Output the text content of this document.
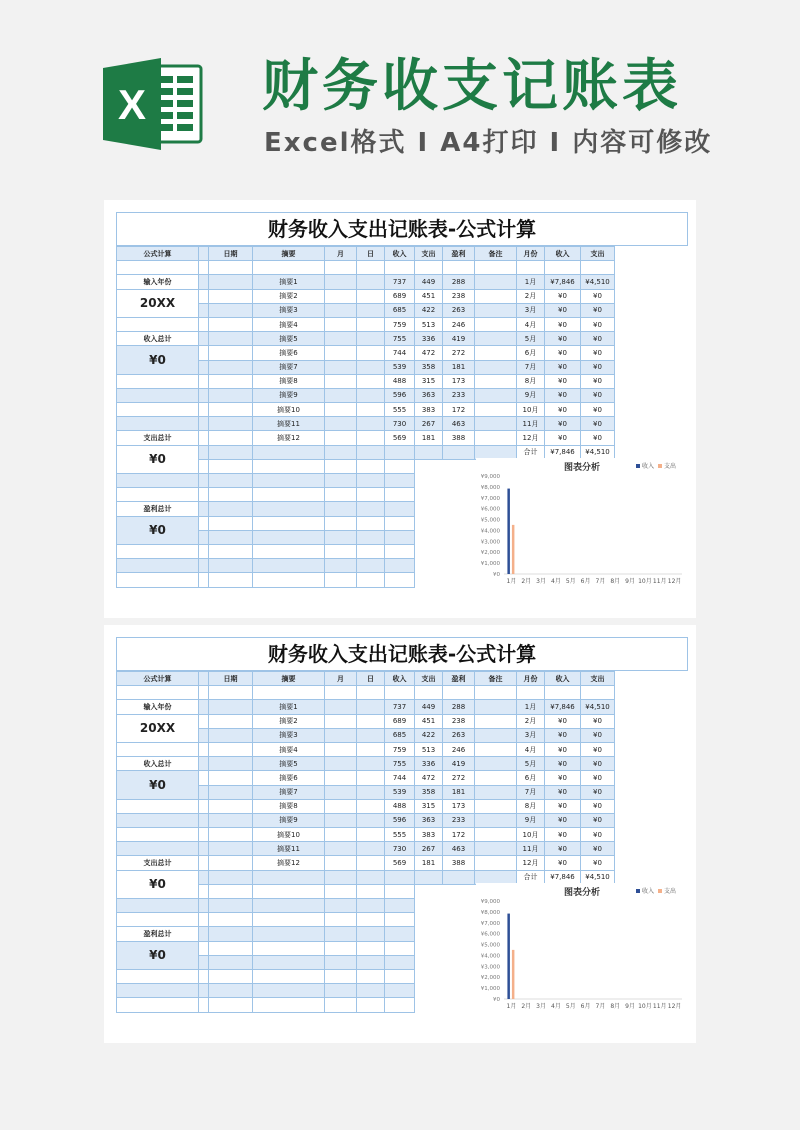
X 财务收支记账表
Excel格式 I A4打印 I 内容可修改
财务收入支出记账表-公式计算
公式计算		日期	摘要	月	日	收入	支出	盈利	备注	月份	收入	支出

输入年份			摘要1			737	449	288		1月	¥7,846	¥4,510
20XX			摘要2			689	451	238		2月	¥0	¥0
			摘要3			685	422	263		3月	¥0	¥0
			摘要4			759	513	246		4月	¥0	¥0
收入总计			摘要5			755	336	419		5月	¥0	¥0
¥0			摘要6			744	472	272		6月	¥0	¥0
			摘要7			539	358	181		7月	¥0	¥0
			摘要8			488	315	173		8月	¥0	¥0
			摘要9			596	363	233		9月	¥0	¥0
			摘要10			555	383	172		10月	¥0	¥0
			摘要11			730	267	463		11月	¥0	¥0
支出总计			摘要12			569	181	388		12月	¥0	¥0
¥0										合计	¥7,846	¥4,510

盈利总计												
¥0												

图表分析	收入 支出
¥0
¥1,000
¥2,000
¥3,000
¥4,000
¥5,000
¥6,000
¥7,000
¥8,000
¥9,000
1月 2月 3月 4月 5月 6月 7月 8月 9月 10月 11月 12月
财务收入支出记账表-公式计算
公式计算		日期	摘要	月	日	收入	支出	盈利	备注	月份	收入	支出

输入年份			摘要1			737	449	288		1月	¥7,846	¥4,510
20XX			摘要2			689	451	238		2月	¥0	¥0
			摘要3			685	422	263		3月	¥0	¥0
			摘要4			759	513	246		4月	¥0	¥0
收入总计			摘要5			755	336	419		5月	¥0	¥0
¥0			摘要6			744	472	272		6月	¥0	¥0
			摘要7			539	358	181		7月	¥0	¥0
			摘要8			488	315	173		8月	¥0	¥0
			摘要9			596	363	233		9月	¥0	¥0
			摘要10			555	383	172		10月	¥0	¥0
			摘要11			730	267	463		11月	¥0	¥0
支出总计			摘要12			569	181	388		12月	¥0	¥0
¥0										合计	¥7,846	¥4,510

盈利总计												
¥0												

图表分析	收入 支出
¥0
¥1,000
¥2,000
¥3,000
¥4,000
¥5,000
¥6,000
¥7,000
¥8,000
¥9,000
1月 2月 3月 4月 5月 6月 7月 8月 9月 10月 11月 12月
